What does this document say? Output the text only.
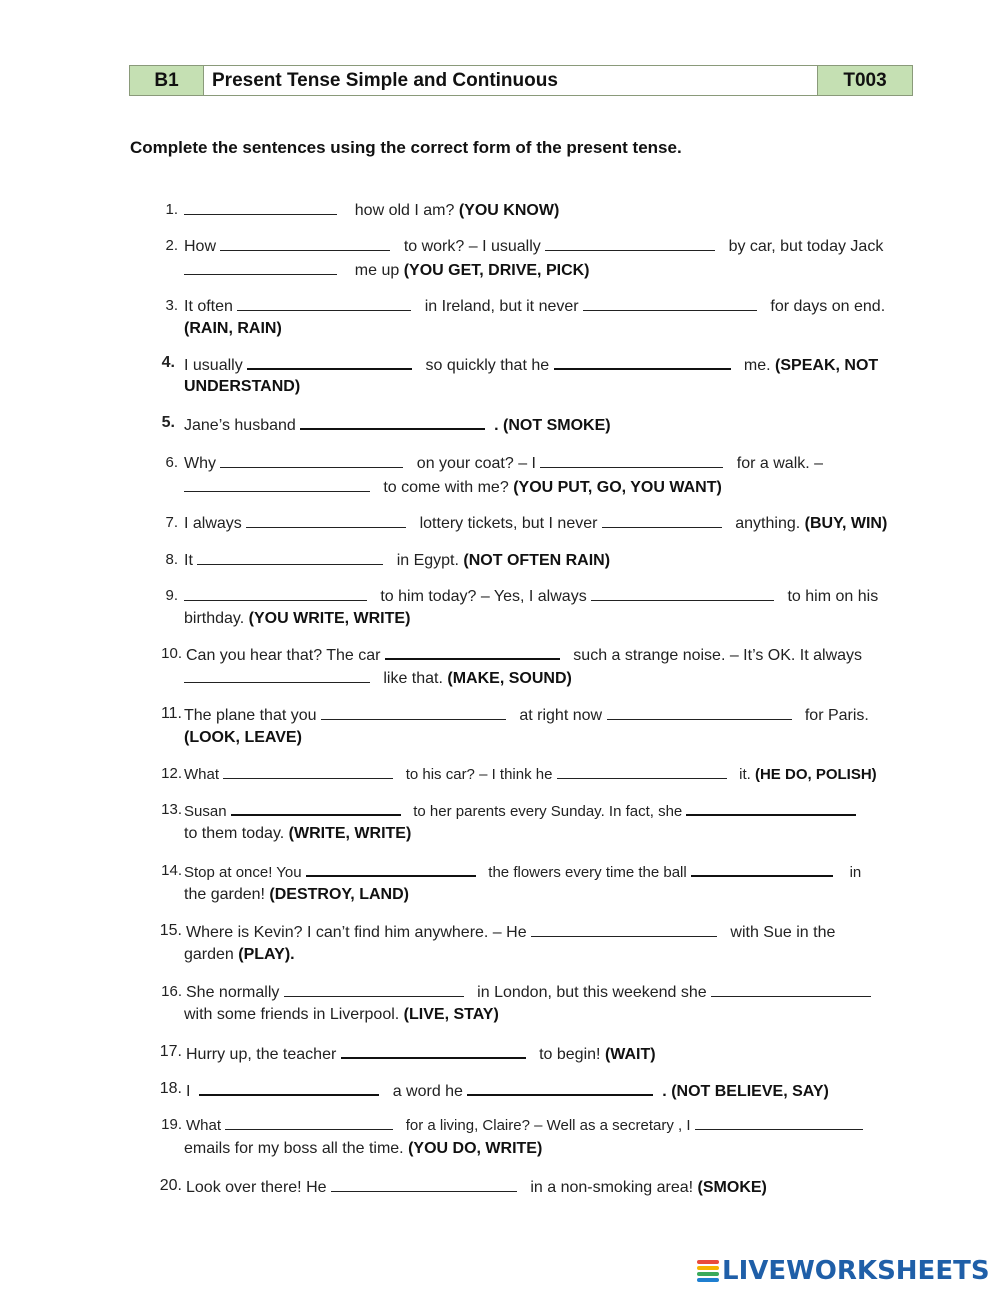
B1	Present Tense Simple and Continuous	T003
Complete the sentences using the correct form of the present tense.
1.	how old I am? (YOU KNOW)
2. How	to work? – I usually	by car, but today Jack
me up (YOU GET, DRIVE, PICK)
3. It often	in Ireland, but it never	for days on end.
(RAIN, RAIN)
4. I usually	so quickly that he	me. (SPEAK, NOT
UNDERSTAND)
5. Jane’s husband	. (NOT SMOKE)
6. Why	on your coat? – I	for a walk. –
to come with me? (YOU PUT, GO, YOU WANT)
7. I always	lottery tickets, but I never	anything. (BUY, WIN)
8. It	in Egypt. (NOT OFTEN RAIN)
9.	to him today? – Yes, I always	to him on his
birthday. (YOU WRITE, WRITE)
10. Can you hear that? The car	such a strange noise. – It’s OK. It always
like that. (MAKE, SOUND)
11. The plane that you	at right now	for Paris.
(LOOK, LEAVE)
12. What	to his car? – I think he	it. (HE DO, POLISH)
13. Susan	to her parents every Sunday. In fact, she
to them today. (WRITE, WRITE)
14. Stop at once! You	the flowers every time the ball	in
the garden! (DESTROY, LAND)
15. Where is Kevin? I can’t find him anywhere. – He	with Sue in the
garden (PLAY).
16. She normally	in London, but this weekend she
with some friends in Liverpool. (LIVE, STAY)
17. Hurry up, the teacher	to begin! (WAIT)
18. I	a word he	. (NOT BELIEVE, SAY)
19. What	for a living, Claire? – Well as a secretary , I
emails for my boss all the time. (YOU DO, WRITE)
20. Look over there! He	in a non-smoking area! (SMOKE)
LIVEWORKSHEETS
